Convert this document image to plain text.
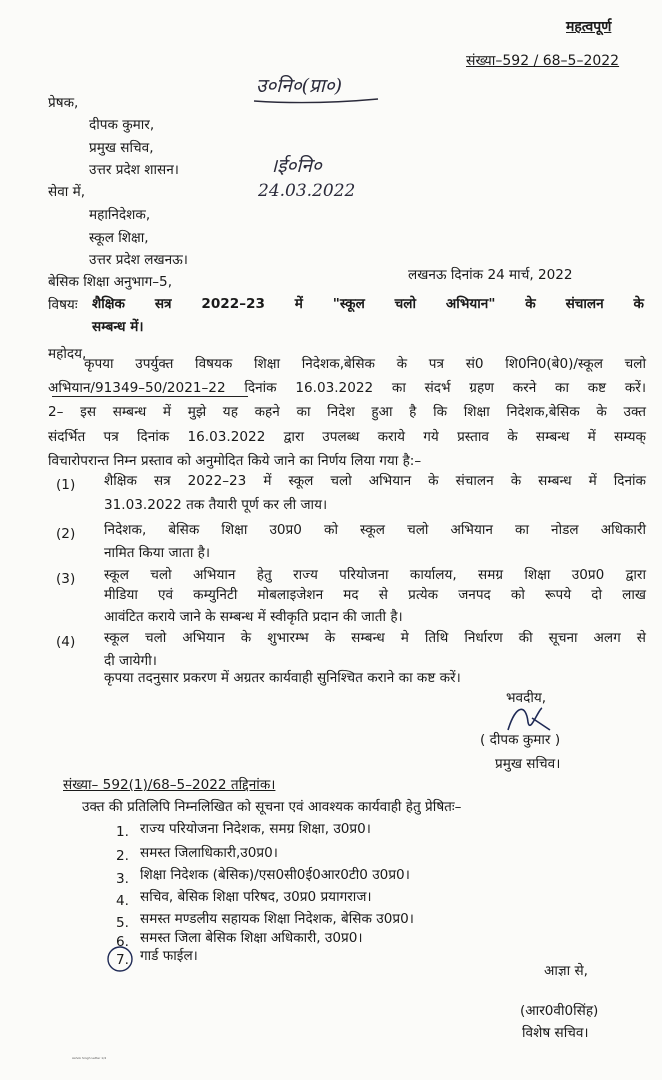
महत्वपूर्ण
संख्या–592 / 68–5–2022
उ०नि०(प्रा०)
प्रेषक,
दीपक कुमार,
प्रमुख सचिव,
उत्तर प्रदेश शासन।	।ई०नि०
24.03.2022
सेवा में,
महानिदेशक,
स्कूल शिक्षा,
उत्तर प्रदेश लखनऊ।
बेसिक शिक्षा अनुभाग–5,	लखनऊ दिनांक 24 मार्च, 2022
विषयः शैक्षिक सत्र 2022–23 में "स्कूल चलो अभियान" के संचालन के
सम्बन्ध में।
महोदय,
कृपया उपर्युक्त विषयक शिक्षा निदेशक,बेसिक के पत्र सं0 शि0नि0(बे0)/स्कूल चलो
अभियान/91349–50/2021–22 दिनांक 16.03.2022 का संदर्भ ग्रहण करने का कष्ट करें।
2– इस सम्बन्ध में मुझे यह कहने का निदेश हुआ है कि शिक्षा निदेशक,बेसिक के उक्त
संदर्भित पत्र दिनांक 16.03.2022 द्वारा उपलब्ध कराये गये प्रस्ताव के सम्बन्ध में सम्यक्
विचारोपरान्त निम्न प्रस्ताव को अनुमोदित किये जाने का निर्णय लिया गया है:–
(1) शैक्षिक सत्र 2022–23 में स्कूल चलो अभियान के संचालन के सम्बन्ध में दिनांक
31.03.2022 तक तैयारी पूर्ण कर ली जाय।
(2) निदेशक, बेसिक शिक्षा उ0प्र0 को स्कूल चलो अभियान का नोडल अधिकारी
नामित किया जाता है।
(3) स्कूल चलो अभियान हेतु राज्य परियोजना कार्यालय, समग्र शिक्षा उ0प्र0 द्वारा
मीडिया एवं कम्युनिटी मोबलाइजेशन मद से प्रत्येक जनपद को रूपये दो लाख
आवंटित कराये जाने के सम्बन्ध में स्वीकृति प्रदान की जाती है।
(4) स्कूल चलो अभियान के शुभारम्भ के सम्बन्ध मे तिथि निर्धारण की सूचना अलग से
दी जायेगी।
कृपया तदनुसार प्रकरण में अग्रतर कार्यवाही सुनिश्चित कराने का कष्ट करें।
भवदीय,
( दीपक कुमार )
प्रमुख सचिव।
संख्या– 592(1)/68–5–2022 तद्दिनांक।
उक्त की प्रतिलिपि निम्नलिखित को सूचना एवं आवश्यक कार्यवाही हेतु प्रेषितः–
1. राज्य परियोजना निदेशक, समग्र शिक्षा, उ0प्र0।
2. समस्त जिलाधिकारी,उ0प्र0।
3. शिक्षा निदेशक (बेसिक)/एस0सी0ई0आर0टी0 उ0प्र0।
4. सचिव, बेसिक शिक्षा परिषद, उ0प्र0 प्रयागराज।
5. समस्त मण्डलीय सहायक शिक्षा निदेशक, बेसिक उ0प्र0।
6. समस्त जिला बेसिक शिक्षा अधिकारी, उ0प्र0।
7. गार्ड फाईल।
आज्ञा से,
(आर0वी0सिंह)
विशेष सचिव।
Ashok Singh Letter 1/4
